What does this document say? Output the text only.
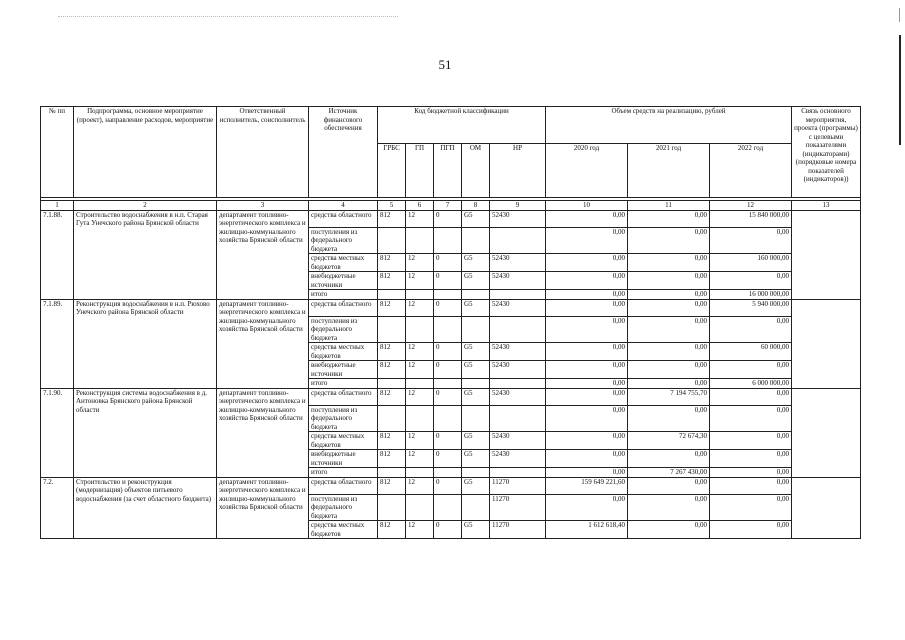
51
№ пп	Подпрограмма, основное мероприятие (проект), направление расходов, мероприятие	Ответственный исполнитель, соисполнитель	Источник финансового обеспечения	Код бюджетной классификации					Объем средств на реализацию, рублей			Связь основного мероприятия, проекта (программы) с целевыми показателями (индикаторами) (порядковые номера показателей (индикаторов))
				ГРБС	ГП	ПГП	ОМ	НР	2020 год	2021 год	2022 год	

1	2	3	4	5	6	7	8	9	10	11	12	13
7.1.88.	Строительство водоснабжения в н.п. Старая Гута Унечского района Брянской области	департамент топливно-энергетического комплекса и жилищно-коммунального хозяйства Брянской области	средства областного	812	12	0	G5	52430	0,00	0,00	15 840 000,00	
			поступления из федерального бюджета						0,00	0,00	0,00	
			средства местных бюджетов	812	12	0	G5	52430	0,00	0,00	160 000,00	
			внебюджетные источники	812	12	0	G5	52430	0,00	0,00	0,00	
			итого						0,00	0,00	16 000 000,00	
7.1.89.	Реконструкция водоснабжения в н.п. Рюхово Унечского района Брянской области	департамент топливно-энергетического комплекса и жилищно-коммунального хозяйства Брянской области	средства областного	812	12	0	G5	52430	0,00	0,00	5 940 000,00	
			поступления из федерального бюджета						0,00	0,00	0,00	
			средства местных бюджетов	812	12	0	G5	52430	0,00	0,00	60 000,00	
			внебюджетные источники	812	12	0	G5	52430	0,00	0,00	0,00	
			итого						0,00	0,00	6 000 000,00	
7.1.90.	Реконструкция системы водоснабжения в д. Антоновка Брянского района Брянской области	департамент топливно-энергетического комплекса и жилищно-коммунального хозяйства Брянской области	средства областного	812	12	0	G5	52430	0,00	7 194 755,70	0,00	
			поступления из федерального бюджета						0,00	0,00	0,00	
			средства местных бюджетов	812	12	0	G5	52430	0,00	72 674,30	0,00	
			внебюджетные источники	812	12	0	G5	52430	0,00	0,00	0,00	
			итого						0,00	7 267 430,00	0,00	
7.2.	Строительство и реконструкция (модернизация) объектов питьевого водоснабжения (за счет областного бюджета)	департамент топливно-энергетического комплекса и жилищно-коммунального хозяйства Брянской области	средства областного	812	12	0	G5	11270	159 649 221,60	0,00	0,00	
			поступления из федерального бюджета					11270	0,00	0,00	0,00	
			средства местных бюджетов	812	12	0	G5	11270	1 612 618,40	0,00	0,00	
